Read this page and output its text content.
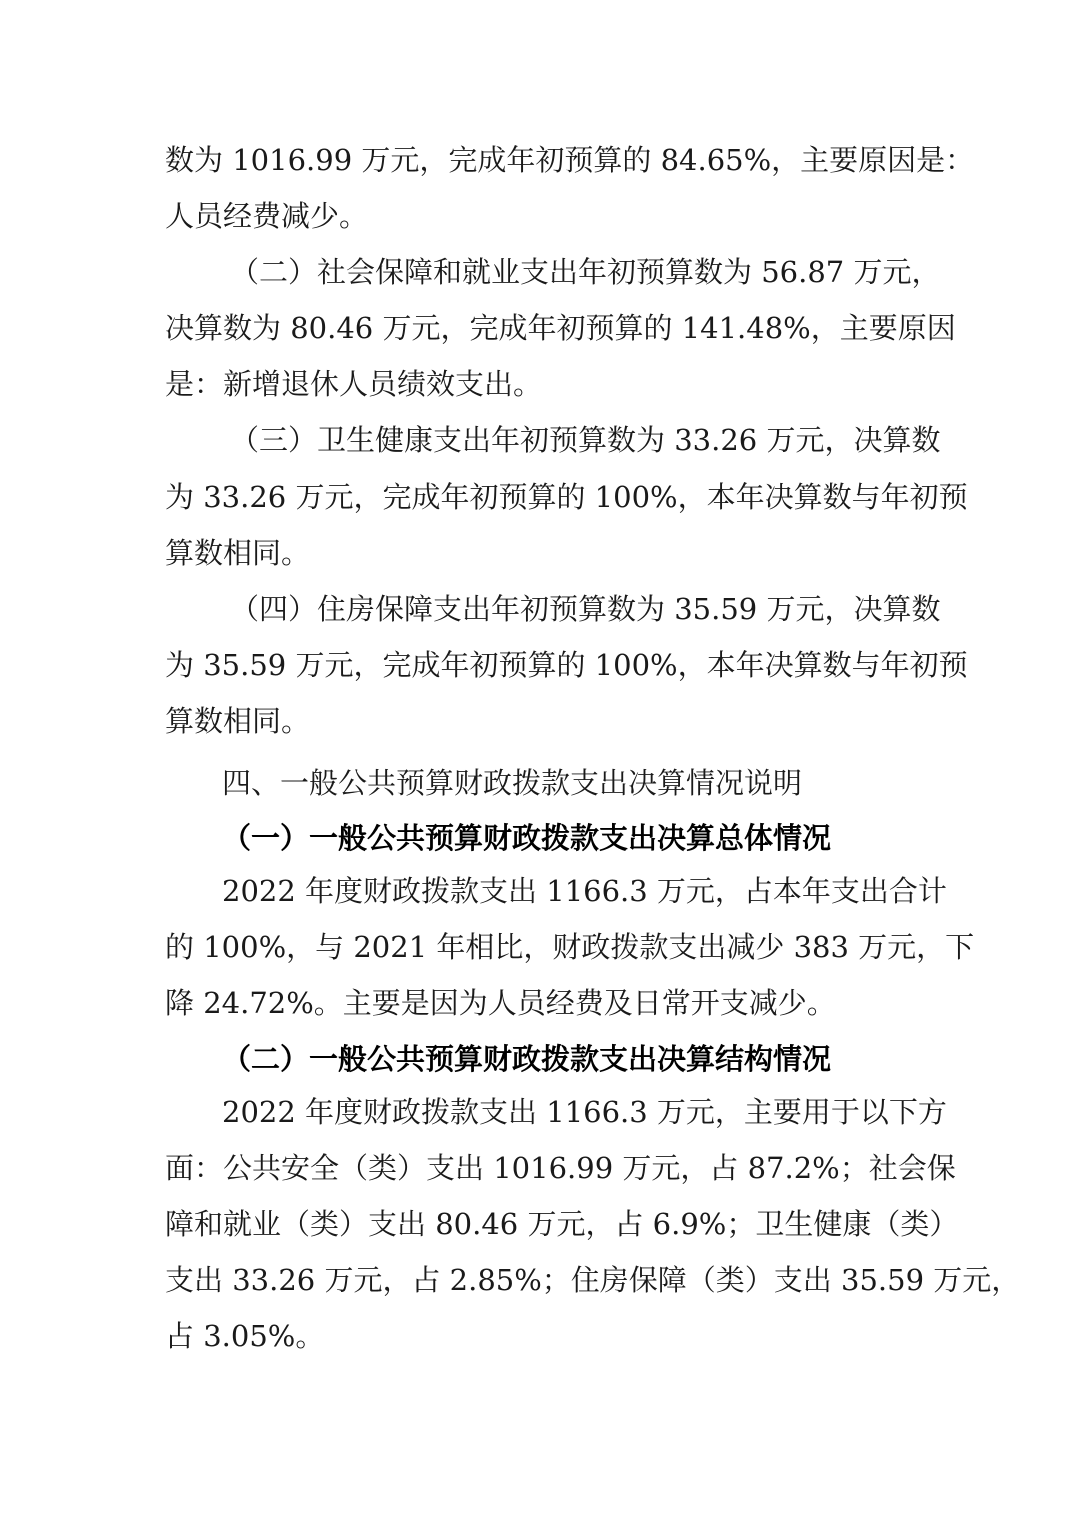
数为 1016.99 万元，完成年初预算的 84.65%，主要原因是：
人员经费减少。
（二）社会保障和就业支出年初预算数为 56.87 万元，
决算数为 80.46 万元，完成年初预算的 141.48%，主要原因
是：新增退休人员绩效支出。
（三）卫生健康支出年初预算数为 33.26 万元，决算数
为 33.26 万元，完成年初预算的 100%，本年决算数与年初预
算数相同。
（四）住房保障支出年初预算数为 35.59 万元，决算数
为 35.59 万元，完成年初预算的 100%，本年决算数与年初预
算数相同。
四、一般公共预算财政拨款支出决算情况说明
（一）一般公共预算财政拨款支出决算总体情况
2022 年度财政拨款支出 1166.3 万元，占本年支出合计
的 100%，与 2021 年相比，财政拨款支出减少 383 万元，下
降 24.72%。主要是因为人员经费及日常开支减少。
（二）一般公共预算财政拨款支出决算结构情况
2022 年度财政拨款支出 1166.3 万元，主要用于以下方
面：公共安全（类）支出 1016.99 万元，占 87.2%；社会保
障和就业（类）支出 80.46 万元，占 6.9%；卫生健康（类）
支出 33.26 万元，占 2.85%；住房保障（类）支出 35.59 万元，
占 3.05%。
